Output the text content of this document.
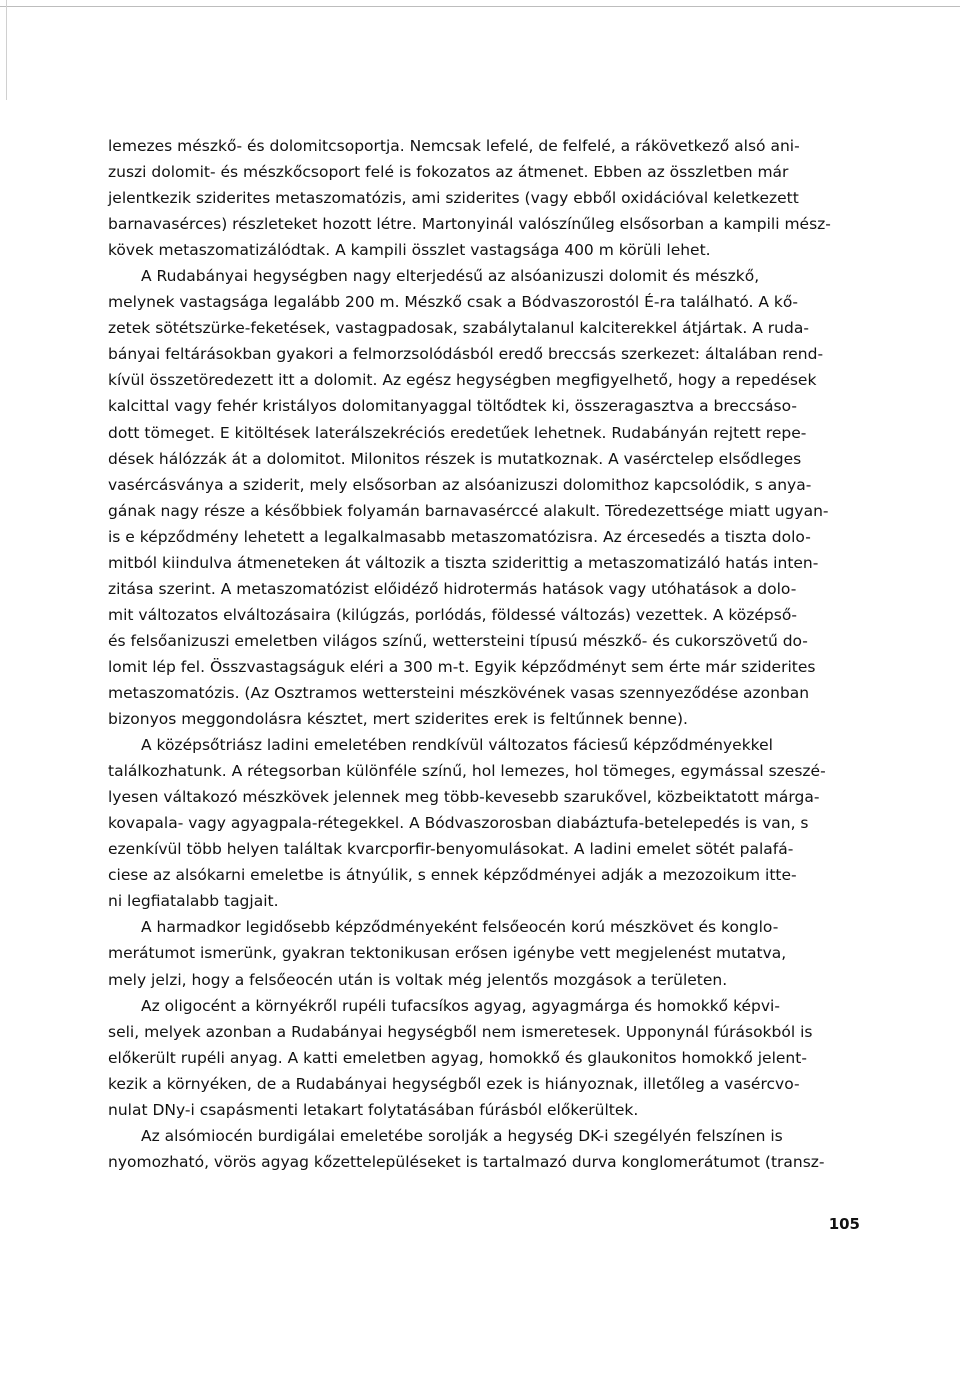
lemezes mészkő- és dolomitcsoportja. Nemcsak lefelé, de felfelé, a rákövetkező alsó ani-
zuszi dolomit- és mészkőcsoport felé is fokozatos az átmenet. Ebben az összletben már
jelentkezik sziderites metaszomatózis, ami sziderites (vagy ebből oxidációval keletkezett
barnavasérces) részleteket hozott létre. Martonyinál valószínűleg elsősorban a kampili mész-
kövek metaszomatizálódtak. A kampili összlet vastagsága 400 m körüli lehet.
A Rudabányai hegységben nagy elterjedésű az alsóanizuszi dolomit és mészkő,
melynek vastagsága legalább 200 m. Mészkő csak a Bódvaszorostól É-ra található. A kő-
zetek sötétszürke-feketések, vastagpadosak, szabálytalanul kalciterekkel átjártak. A ruda-
bányai feltárásokban gyakori a felmorzsolódásból eredő breccsás szerkezet: általában rend-
kívül összetöredezett itt a dolomit. Az egész hegységben megfigyelhető, hogy a repedések
kalcittal vagy fehér kristályos dolomitanyaggal töltődtek ki, összeragasztva a breccsáso-
dott tömeget. E kitöltések laterálszekréciós eredetűek lehetnek. Rudabányán rejtett repe-
dések hálózzák át a dolomitot. Milonitos részek is mutatkoznak. A vasérctelep elsődleges
vasércásványa a sziderit, mely elsősorban az alsóanizuszi dolomithoz kapcsolódik, s anya-
gának nagy része a későbbiek folyamán barnavasérccé alakult. Töredezettsége miatt ugyan-
is e képződmény lehetett a legalkalmasabb metaszomatózisra. Az ércesedés a tiszta dolo-
mitból kiindulva átmeneteken át változik a tiszta sziderittig a metaszomatizáló hatás inten-
zitása szerint. A metaszomatózist előidéző hidrotermás hatások vagy utóhatások a dolo-
mit változatos elváltozásaira (kilúgzás, porlódás, földessé változás) vezettek. A középső-
és felsőanizuszi emeletben világos színű, wettersteini típusú mészkő- és cukorszövetű do-
lomit lép fel. Összvastagságuk eléri a 300 m-t. Egyik képződményt sem érte már sziderites
metaszomatózis. (Az Osztramos wettersteini mészkövének vasas szennyeződése azonban
bizonyos meggondolásra késztet, mert sziderites erek is feltűnnek benne).
A középsőtriász ladini emeletében rendkívül változatos fáciesű képződményekkel
találkozhatunk. A rétegsorban különféle színű, hol lemezes, hol tömeges, egymással szeszé-
lyesen váltakozó mészkövek jelennek meg több-kevesebb szarukővel, közbeiktatott márga-
kovapala- vagy agyagpala-rétegekkel. A Bódvaszorosban diabáztufa-betelepedés is van, s
ezenkívül több helyen találtak kvarcporfir-benyomulásokat. A ladini emelet sötét palafá-
ciese az alsókarni emeletbe is átnyúlik, s ennek képződményei adják a mezozoikum itte-
ni legfiatalabb tagjait.
A harmadkor legidősebb képződményeként felsőeocén korú mészkövet és konglo-
merátumot ismerünk, gyakran tektonikusan erősen igénybe vett megjelenést mutatva,
mely jelzi, hogy a felsőeocén után is voltak még jelentős mozgások a területen.
Az oligocént a környékről rupéli tufacsíkos agyag, agyagmárga és homokkő képvi-
seli, melyek azonban a Rudabányai hegységből nem ismeretesek. Upponynál fúrásokból is
előkerült rupéli anyag. A katti emeletben agyag, homokkő és glaukonitos homokkő jelent-
kezik a környéken, de a Rudabányai hegységből ezek is hiányoznak, illetőleg a vasércvo-
nulat DNy-i csapásmenti letakart folytatásában fúrásból előkerültek.
Az alsómiocén burdigálai emeletébe sorolják a hegység DK-i szegélyén felszínen is
nyomozható, vörös agyag kőzettelepüléseket is tartalmazó durva konglomerátumot (transz-
105
